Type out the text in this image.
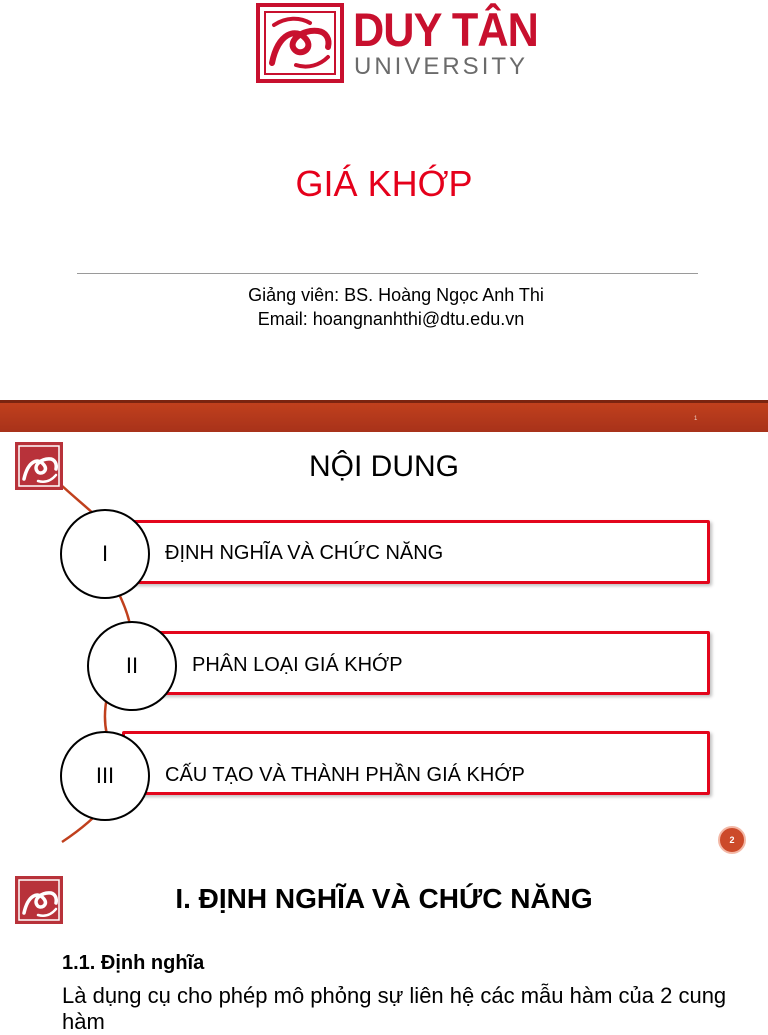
DUY TÂN
UNIVERSITY
GIÁ KHỚP
Giảng viên: BS. Hoàng Ngọc Anh Thi
Email: hoangnanhthi@dtu.edu.vn
1
NỘI DUNG
ĐỊNH NGHĨA VÀ CHỨC NĂNG
I
PHÂN LOẠI GIÁ KHỚP
II
CẤU TẠO VÀ THÀNH PHẦN GIÁ KHỚP
III
2
I. ĐỊNH NGHĨA VÀ CHỨC NĂNG
1.1. Định nghĩa
Là dụng cụ cho phép mô phỏng sự liên hệ các mẫu hàm của 2 cung hàm
